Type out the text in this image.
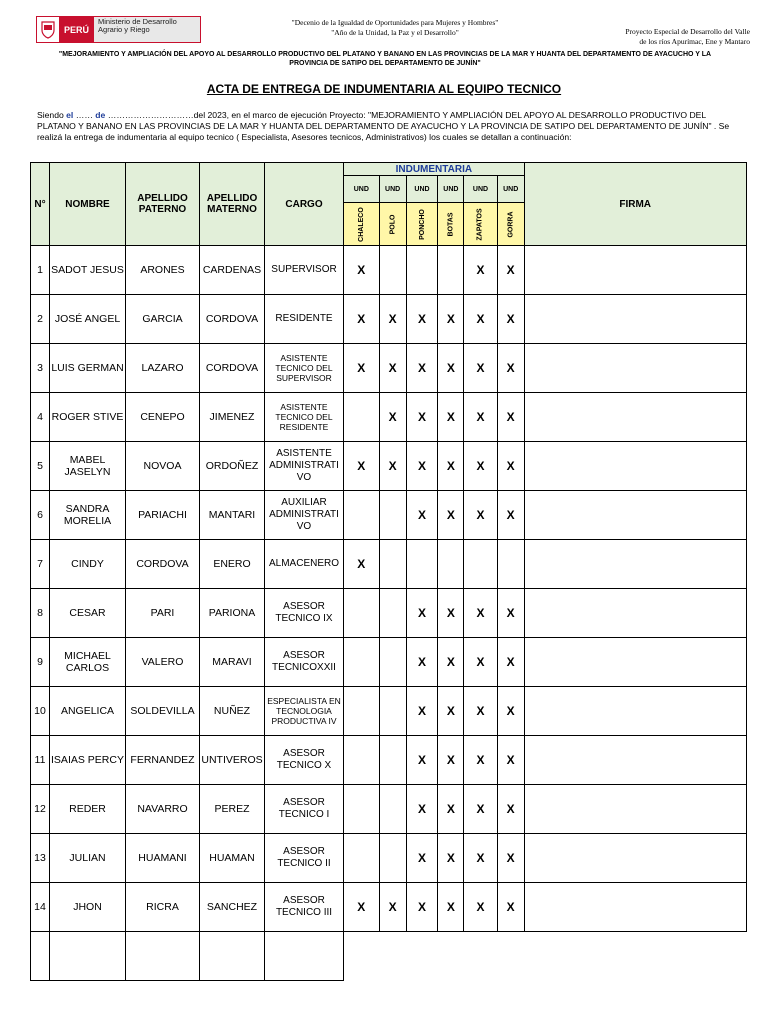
PERÚ
Ministerio de Desarrollo Agrario y Riego
"Decenio de la Igualdad de Oportunidades para Mujeres y Hombres"
"Año de la Unidad, la Paz y el Desarrollo"	Proyecto Especial de Desarrollo del Valle
de los ríos Apurímac, Ene y Mantaro
"MEJORAMIENTO Y AMPLIACIÓN DEL APOYO AL DESARROLLO PRODUCTIVO DEL PLATANO Y BANANO EN LAS PROVINCIAS DE LA MAR Y HUANTA DEL DEPARTAMENTO DE AYACUCHO Y LA PROVINCIA DE SATIPO DEL DEPARTAMENTO DE JUNÍN"
ACTA DE ENTREGA DE INDUMENTARIA AL EQUIPO TECNICO
Siendo el …… de …………………………del 2023, en el marco de ejecución Proyecto: "MEJORAMIENTO Y AMPLIACIÓN DEL APOYO AL DESARROLLO PRODUCTIVO DEL PLATANO Y BANANO EN LAS PROVINCIAS DE LA MAR Y HUANTA DEL DEPARTAMENTO DE AYACUCHO Y LA PROVINCIA DE SATIPO DEL DEPARTAMENTO DE JUNÍN" . Se realizá la entrega de indumentaria al equipo tecnico ( Especialista, Asesores tecnicos, Administrativos) los cuales se detallan a continuación:
N°	NOMBRE	APELLIDO PATERNO	APELLIDO MATERNO	CARGO	INDUMENTARIA						FIRMA
					UND	UND	UND	UND	UND	UND	
					CHALECO	POLO	PONCHO	BOTAS	ZAPATOS	GORRA	
1	SADOT JESUS	ARONES	CARDENAS	SUPERVISOR	X				X	X	
2	JOSÉ ANGEL	GARCIA	CORDOVA	RESIDENTE	X	X	X	X	X	X	
3	LUIS GERMAN	LAZARO	CORDOVA	ASISTENTE TECNICO DEL SUPERVISOR	X	X	X	X	X	X	
4	ROGER STIVE	CENEPO	JIMENEZ	ASISTENTE TECNICO DEL RESIDENTE		X	X	X	X	X	
5	MABEL JASELYN	NOVOA	ORDOÑEZ	ASISTENTE ADMINISTRATI VO	X	X	X	X	X	X	
6	SANDRA MORELIA	PARIACHI	MANTARI	AUXILIAR ADMINISTRATI VO			X	X	X	X	
7	CINDY	CORDOVA	ENERO	ALMACENERO	X						
8	CESAR	PARI	PARIONA	ASESOR TECNICO IX			X	X	X	X	
9	MICHAEL CARLOS	VALERO	MARAVI	ASESOR TECNICOXXII			X	X	X	X	
10	ANGELICA	SOLDEVILLA	NUÑEZ	ESPECIALISTA EN TECNOLOGIA PRODUCTIVA IV			X	X	X	X	
11	ISAIAS PERCY	FERNANDEZ	UNTIVEROS	ASESOR TECNICO X			X	X	X	X	
12	REDER	NAVARRO	PEREZ	ASESOR TECNICO I			X	X	X	X	
13	JULIAN	HUAMANI	HUAMAN	ASESOR TECNICO II			X	X	X	X	
14	JHON	RICRA	SANCHEZ	ASESOR TECNICO III	X	X	X	X	X	X	
